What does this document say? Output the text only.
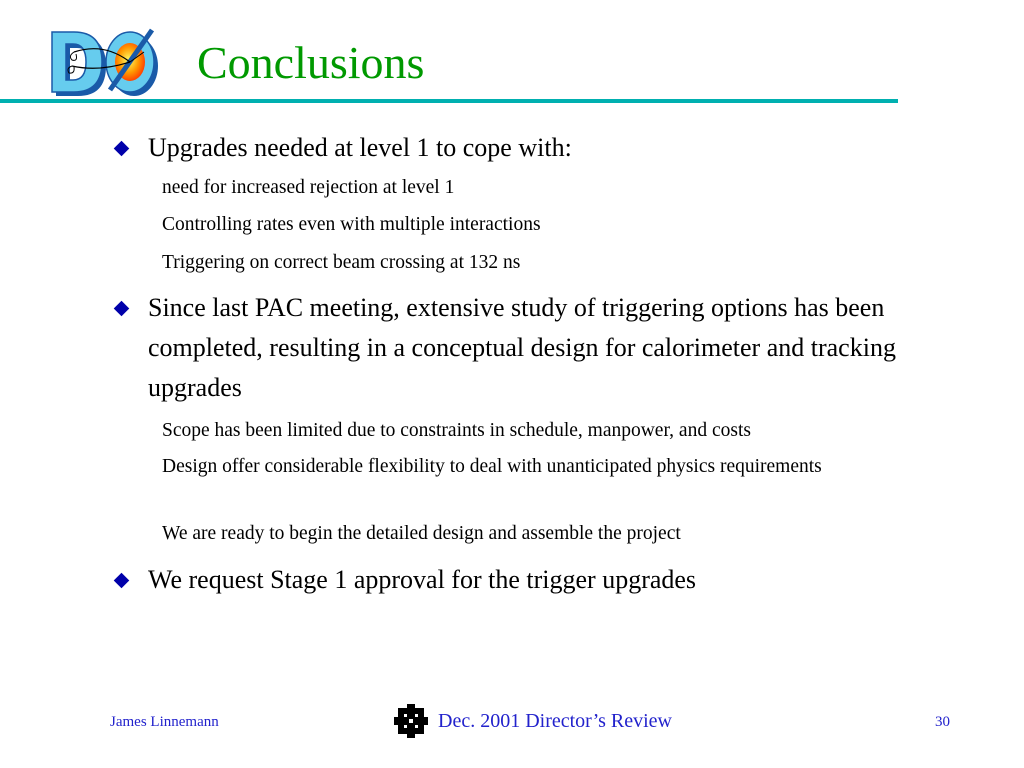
Conclusions
Upgrades needed at level 1 to cope with:
need for increased rejection at level 1
Controlling rates even with multiple interactions
Triggering on correct beam crossing at 132 ns
Since last PAC meeting, extensive study of triggering options has been completed, resulting in a conceptual design for calorimeter and tracking upgrades
Scope has been limited due to constraints in schedule, manpower, and costs
Design offer considerable flexibility to deal with unanticipated physics requirements
We are ready to begin the detailed design and assemble the project
We request Stage 1 approval for the trigger upgrades
James Linnemann	Dec. 2001 Director’s Review	30
